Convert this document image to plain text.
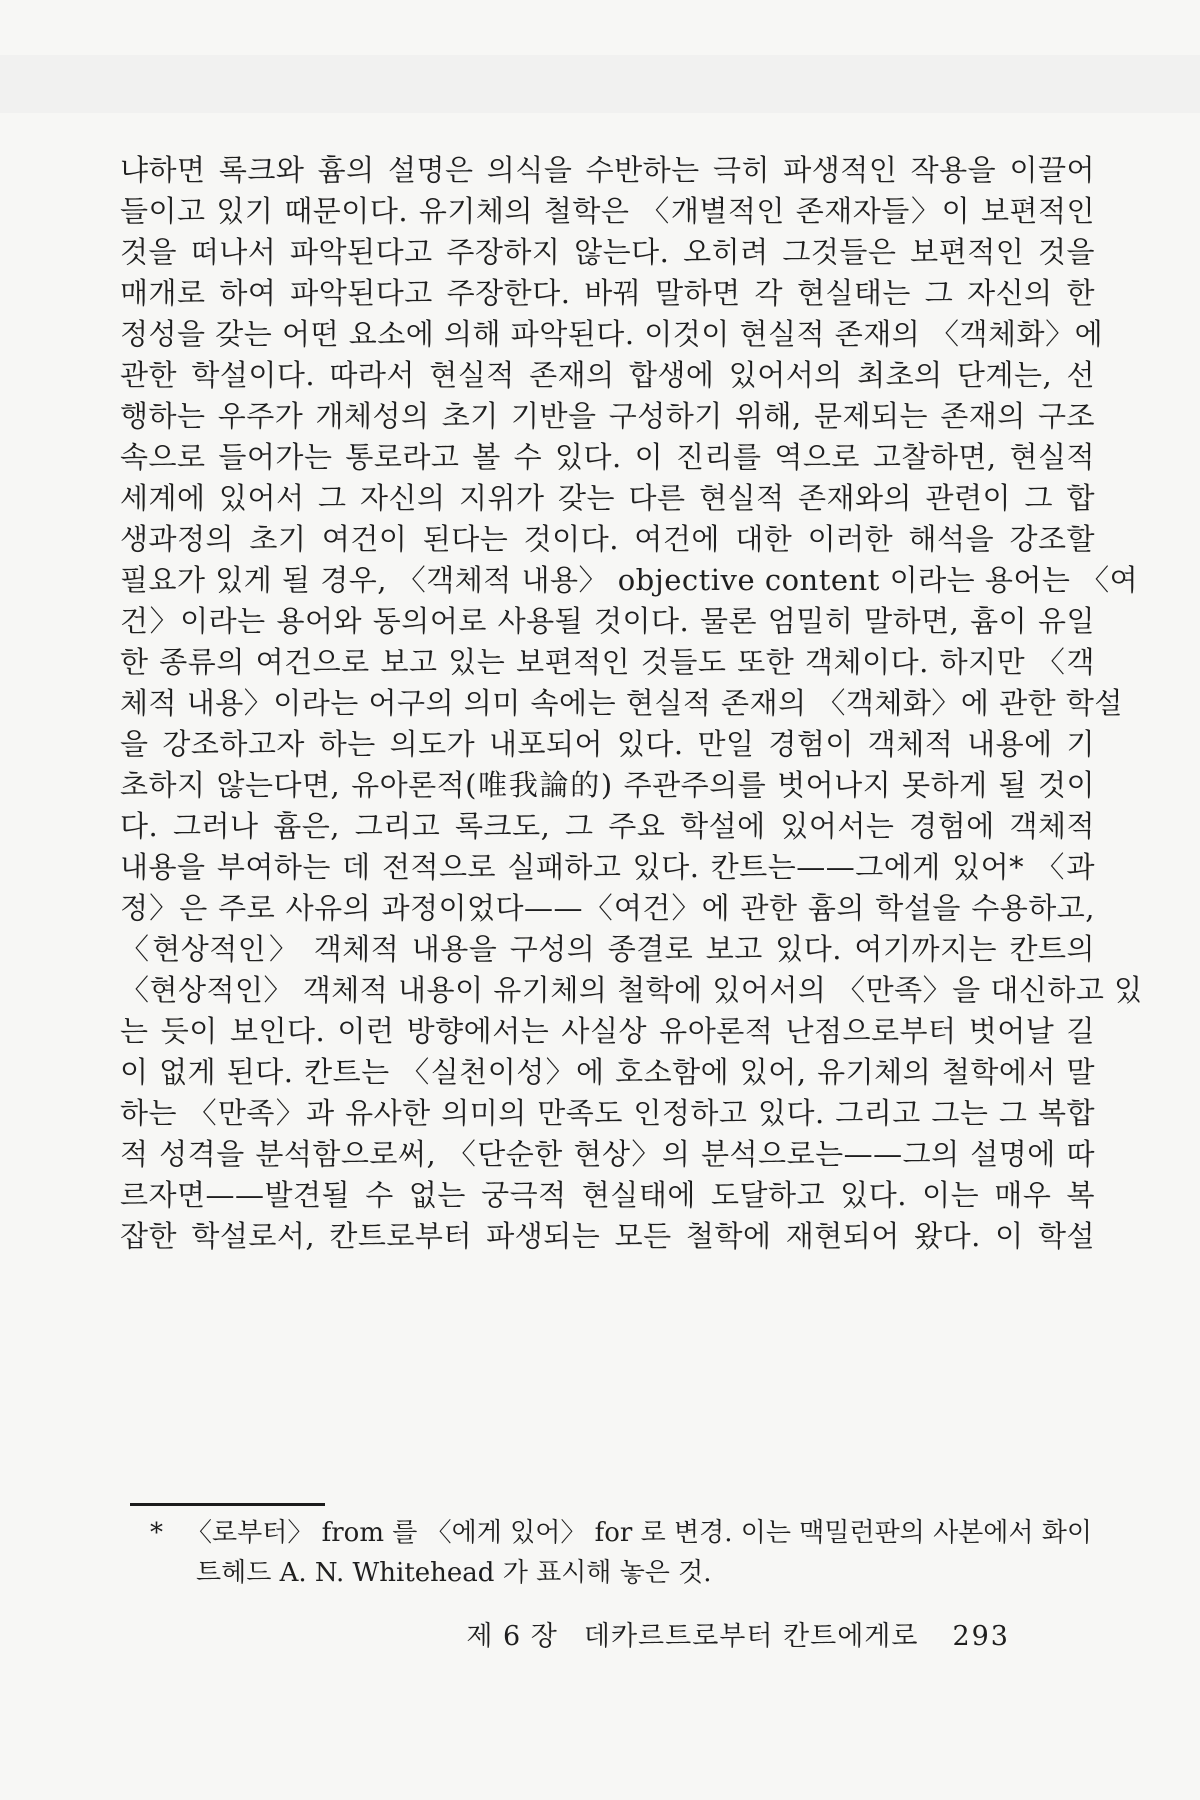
냐하면 록크와 흄의 설명은 의식을 수반하는 극히 파생적인 작용을 이끌어
들이고 있기 때문이다. 유기체의 철학은 〈개별적인 존재자들〉이 보편적인
것을 떠나서 파악된다고 주장하지 않는다. 오히려 그것들은 보편적인 것을
매개로 하여 파악된다고 주장한다. 바꿔 말하면 각 현실태는 그 자신의 한
정성을 갖는 어떤 요소에 의해 파악된다. 이것이 현실적 존재의 〈객체화〉에
관한 학설이다. 따라서 현실적 존재의 합생에 있어서의 최초의 단계는, 선
행하는 우주가 개체성의 초기 기반을 구성하기 위해, 문제되는 존재의 구조
속으로 들어가는 통로라고 볼 수 있다. 이 진리를 역으로 고찰하면, 현실적
세계에 있어서 그 자신의 지위가 갖는 다른 현실적 존재와의 관련이 그 합
생과정의 초기 여건이 된다는 것이다. 여건에 대한 이러한 해석을 강조할
필요가 있게 될 경우, 〈객체적 내용〉 objective content 이라는 용어는 〈여
건〉이라는 용어와 동의어로 사용될 것이다. 물론 엄밀히 말하면, 흄이 유일
한 종류의 여건으로 보고 있는 보편적인 것들도 또한 객체이다. 하지만 〈객
체적 내용〉이라는 어구의 의미 속에는 현실적 존재의 〈객체화〉에 관한 학설
을 강조하고자 하는 의도가 내포되어 있다. 만일 경험이 객체적 내용에 기
초하지 않는다면, 유아론적(唯我論的) 주관주의를 벗어나지 못하게 될 것이
다. 그러나 흄은, 그리고 록크도, 그 주요 학설에 있어서는 경험에 객체적
내용을 부여하는 데 전적으로 실패하고 있다. 칸트는——그에게 있어* 〈과
정〉은 주로 사유의 과정이었다——〈여건〉에 관한 흄의 학설을 수용하고,
〈현상적인〉 객체적 내용을 구성의 종결로 보고 있다. 여기까지는 칸트의
〈현상적인〉 객체적 내용이 유기체의 철학에 있어서의 〈만족〉을 대신하고 있
는 듯이 보인다. 이런 방향에서는 사실상 유아론적 난점으로부터 벗어날 길
이 없게 된다. 칸트는 〈실천이성〉에 호소함에 있어, 유기체의 철학에서 말
하는 〈만족〉과 유사한 의미의 만족도 인정하고 있다. 그리고 그는 그 복합
적 성격을 분석함으로써, 〈단순한 현상〉의 분석으로는——그의 설명에 따
르자면——발견될 수 없는 궁극적 현실태에 도달하고 있다. 이는 매우 복
잡한 학설로서, 칸트로부터 파생되는 모든 철학에 재현되어 왔다. 이 학설
* 〈로부터〉 from 를 〈에게 있어〉 for 로 변경. 이는 맥밀런판의 사본에서 화이
트헤드 A. N. Whitehead 가 표시해 놓은 것.
제 6 장 데카르트로부터 칸트에게로 293
